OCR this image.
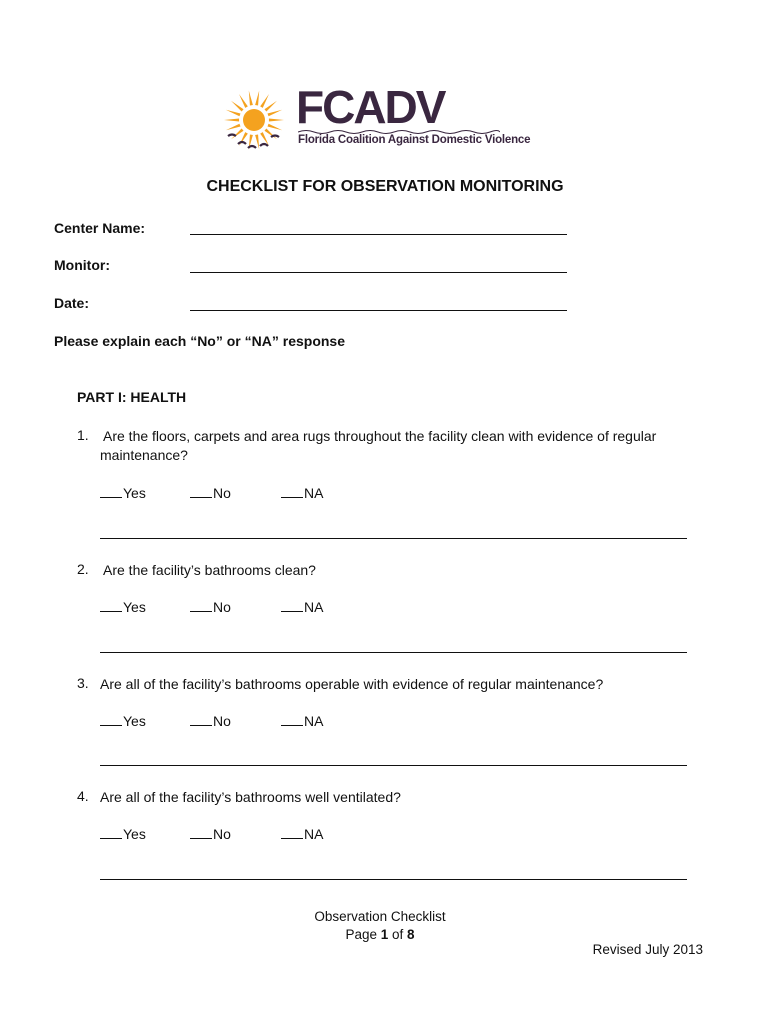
FCADV
Florida Coalition Against Domestic Violence
CHECKLIST FOR OBSERVATION MONITORING
Center Name:
Monitor:
Date:
Please explain each “No” or “NA” response
PART I: HEALTH
1. Are the floors, carpets and area rugs throughout the facility clean with evidence of regular maintenance?
Yes	No	NA
2. Are the facility’s bathrooms clean?
Yes	No	NA
3. Are all of the facility’s bathrooms operable with evidence of regular maintenance?
Yes	No	NA
4. Are all of the facility’s bathrooms well ventilated?
Yes	No	NA
Observation Checklist
Page 1 of 8
Revised July 2013
